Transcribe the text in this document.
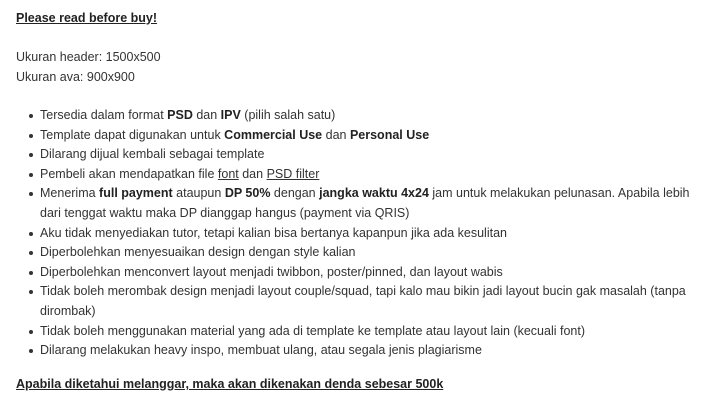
Please read before buy!
Ukuran header: 1500x500
Ukuran ava: 900x900
Tersedia dalam format PSD dan IPV (pilih salah satu)
Template dapat digunakan untuk Commercial Use dan Personal Use
Dilarang dijual kembali sebagai template
Pembeli akan mendapatkan file font dan PSD filter
Menerima full payment ataupun DP 50% dengan jangka waktu 4x24 jam untuk melakukan pelunasan. Apabila lebih dari tenggat waktu maka DP dianggap hangus (payment via QRIS)
Aku tidak menyediakan tutor, tetapi kalian bisa bertanya kapanpun jika ada kesulitan
Diperbolehkan menyesuaikan design dengan style kalian
Diperbolehkan menconvert layout menjadi twibbon, poster/pinned, dan layout wabis
Tidak boleh merombak design menjadi layout couple/squad, tapi kalo mau bikin jadi layout bucin gak masalah (tanpa dirombak)
Tidak boleh menggunakan material yang ada di template ke template atau layout lain (kecuali font)
Dilarang melakukan heavy inspo, membuat ulang, atau segala jenis plagiarisme
Apabila diketahui melanggar, maka akan dikenakan denda sebesar 500k
